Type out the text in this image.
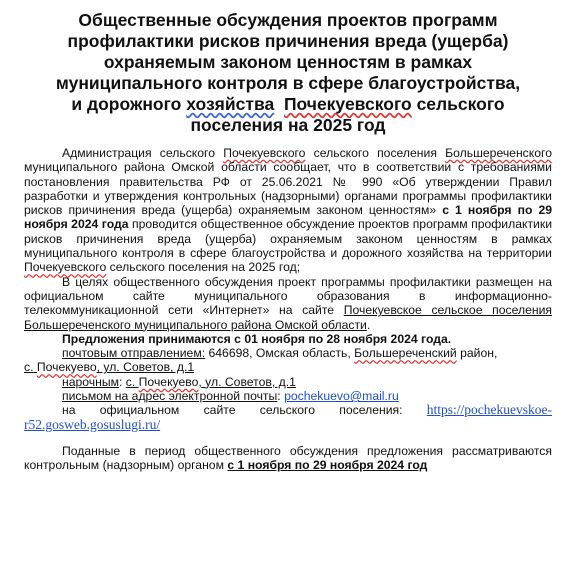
Общественные обсуждения проектов программ
профилактики рисков причинения вреда (ущерба)
охраняемым законом ценностям в рамках
муниципального контроля в сфере благоустройства,
и дорожного хозяйства Почекуевского сельского
поселения на 2025 год

Администрация сельского Почекуевского сельского поселения Большереченского муниципального района Омской области сообщает, что в соответствии с требованиями постановления правительства РФ от 25.06.2021 № 990 «Об утверждении Правил разработки и утверждения контрольных (надзорными) органами программы профилактики рисков причинения вреда (ущерба) охраняемым законом ценностям» с 1 ноября по 29 ноября 2024 года проводится общественное обсуждение проектов программ профилактики рисков причинения вреда (ущерба) охраняемым законом ценностям в рамках муниципального контроля в сфере благоустройства и дорожного хозяйства на территории Почекуевского сельского поселения на 2025 год;

В целях общественного обсуждения проект программы профилактики размещен на официальном сайте муниципального образования в информационно-телекоммуникационной сети «Интернет» на сайте Почекуевское сельское поселения Большереченского муниципального района Омской области.

Предложения принимаются с 01 ноября по 28 ноября 2024 года.

почтовым отправлением: 646698, Омская область, Большереченский район,

с. Почекуево, ул. Советов, д.1

нарочным: с. Почекуево, ул. Советов, д.1

письмом на адрес электронной почты: pochekuevo@mail.ru

на официальном сайте сельского поселения: https://pochekuevskoe-

r52.gosweb.gosuslugi.ru/

Поданные в период общественного обсуждения предложения рассматриваются контрольным (надзорным) органом с 1 ноября по 29 ноября 2024 год
